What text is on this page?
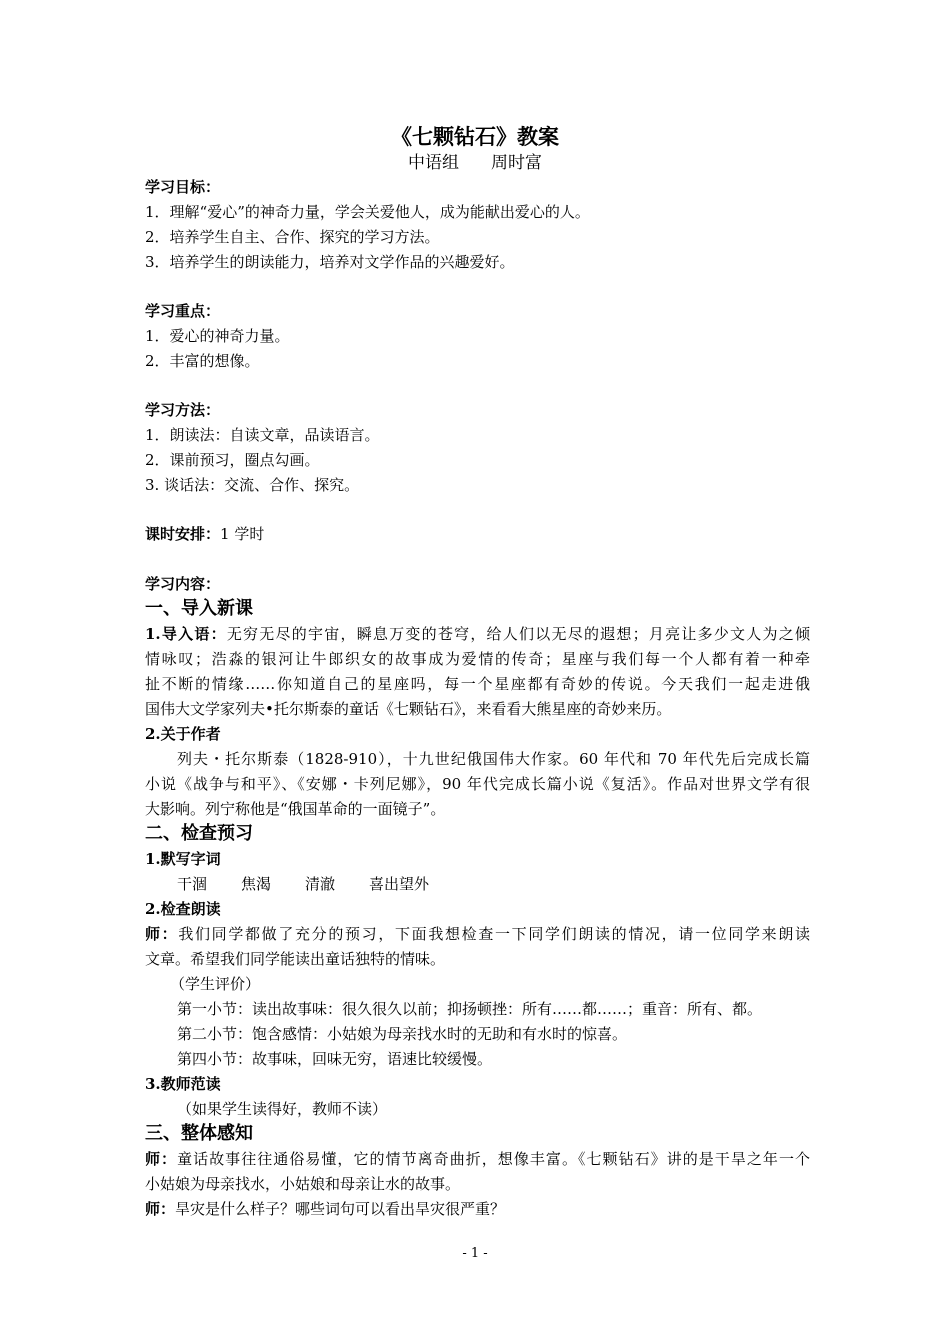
《七颗钻石》教案
中语组 周时富
学习目标：
1．理解“爱心”的神奇力量，学会关爱他人，成为能献出爱心的人。
2．培养学生自主、合作、探究的学习方法。
3．培养学生的朗读能力，培养对文学作品的兴趣爱好。
学习重点：
1．爱心的神奇力量。
2．丰富的想像。
学习方法：
1．朗读法：自读文章，品读语言。
2．课前预习，圈点勾画。
3. 谈话法：交流、合作、探究。
课时安排：1 学时
学习内容：
一、导入新课
1.导入语：无穷无尽的宇宙，瞬息万变的苍穹，给人们以无尽的遐想；月亮让多少文人为之倾
情咏叹；浩淼的银河让牛郎织女的故事成为爱情的传奇；星座与我们每一个人都有着一种牵
扯不断的情缘……你知道自己的星座吗，每一个星座都有奇妙的传说。今天我们一起走进俄
国伟大文学家列夫•托尔斯泰的童话《七颗钻石》，来看看大熊星座的奇妙来历。
2.关于作者
列夫・托尔斯泰（1828-910），十九世纪俄国伟大作家。60 年代和 70 年代先后完成长篇
小说《战争与和平》、《安娜・卡列尼娜》，90 年代完成长篇小说《复活》。作品对世界文学有很
大影响。列宁称他是“俄国革命的一面镜子”。
二、检查预习
1.默写字词
干涸 焦渴 清澈 喜出望外
2.检查朗读
师：我们同学都做了充分的预习，下面我想检查一下同学们朗读的情况，请一位同学来朗读
文章。希望我们同学能读出童话独特的情味。
（学生评价）
第一小节：读出故事味：很久很久以前；抑扬顿挫：所有……都……；重音：所有、都。
第二小节：饱含感情：小姑娘为母亲找水时的无助和有水时的惊喜。
第四小节：故事味，回味无穷，语速比较缓慢。
3.教师范读
（如果学生读得好，教师不读）
三、整体感知
师：童话故事往往通俗易懂，它的情节离奇曲折，想像丰富。《七颗钻石》讲的是干旱之年一个
小姑娘为母亲找水，小姑娘和母亲让水的故事。
师：旱灾是什么样子？哪些词句可以看出旱灾很严重？
- 1 -
